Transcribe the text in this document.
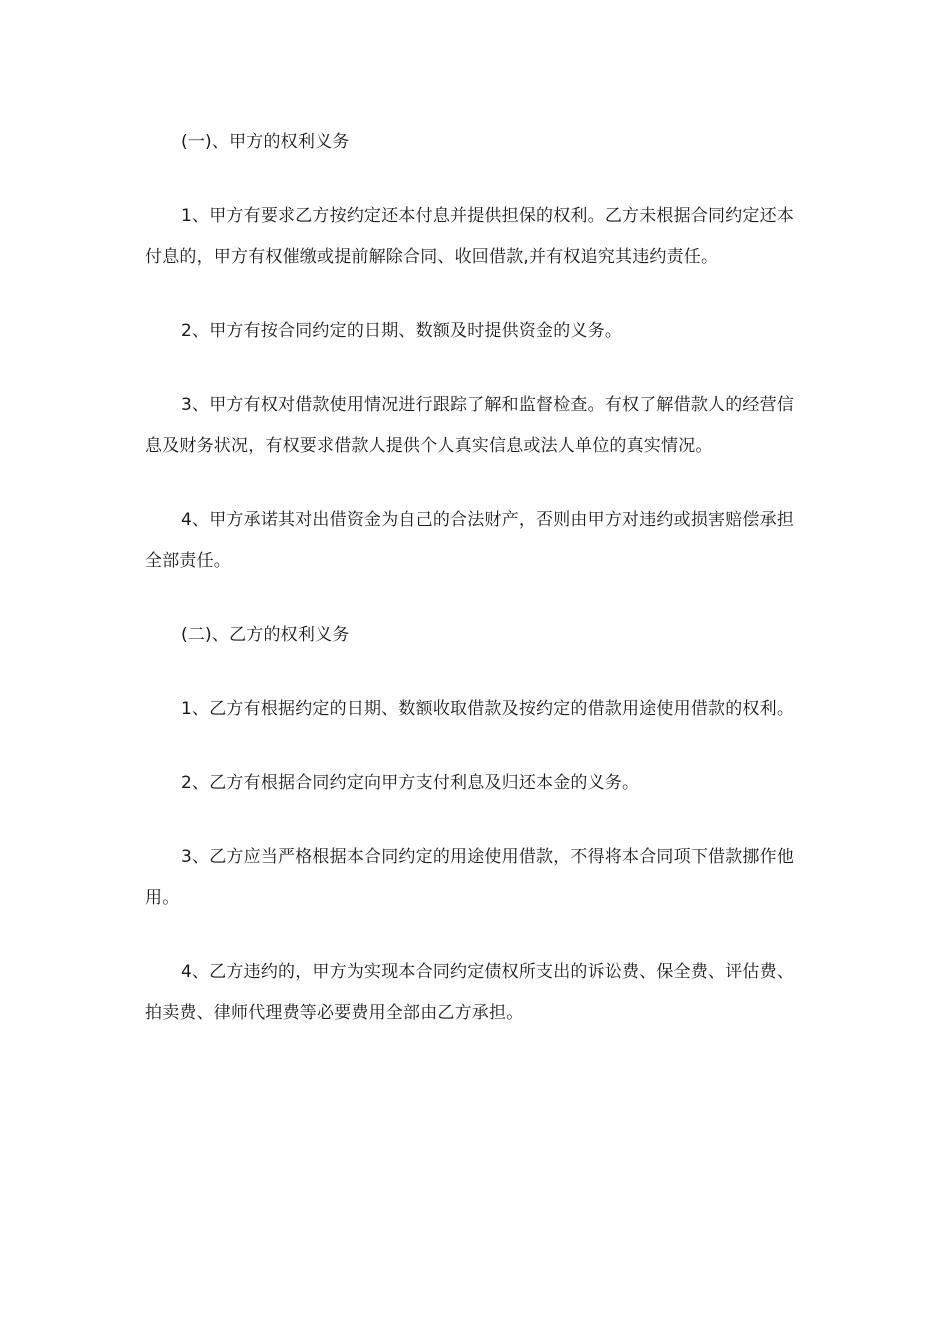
(一)、甲方的权利义务

1、甲方有要求乙方按约定还本付息并提供担保的权利。乙方未根据合同约定还本付息的，甲方有权催缴或提前解除合同、收回借款,并有权追究其违约责任。

2、甲方有按合同约定的日期、数额及时提供资金的义务。

3、甲方有权对借款使用情况进行跟踪了解和监督检查。有权了解借款人的经营信息及财务状况，有权要求借款人提供个人真实信息或法人单位的真实情况。

4、甲方承诺其对出借资金为自己的合法财产，否则由甲方对违约或损害赔偿承担全部责任。

(二)、乙方的权利义务

1、乙方有根据约定的日期、数额收取借款及按约定的借款用途使用借款的权利。

2、乙方有根据合同约定向甲方支付利息及归还本金的义务。

3、乙方应当严格根据本合同约定的用途使用借款，不得将本合同项下借款挪作他用。

4、乙方违约的，甲方为实现本合同约定债权所支出的诉讼费、保全费、评估费、拍卖费、律师代理费等必要费用全部由乙方承担。
